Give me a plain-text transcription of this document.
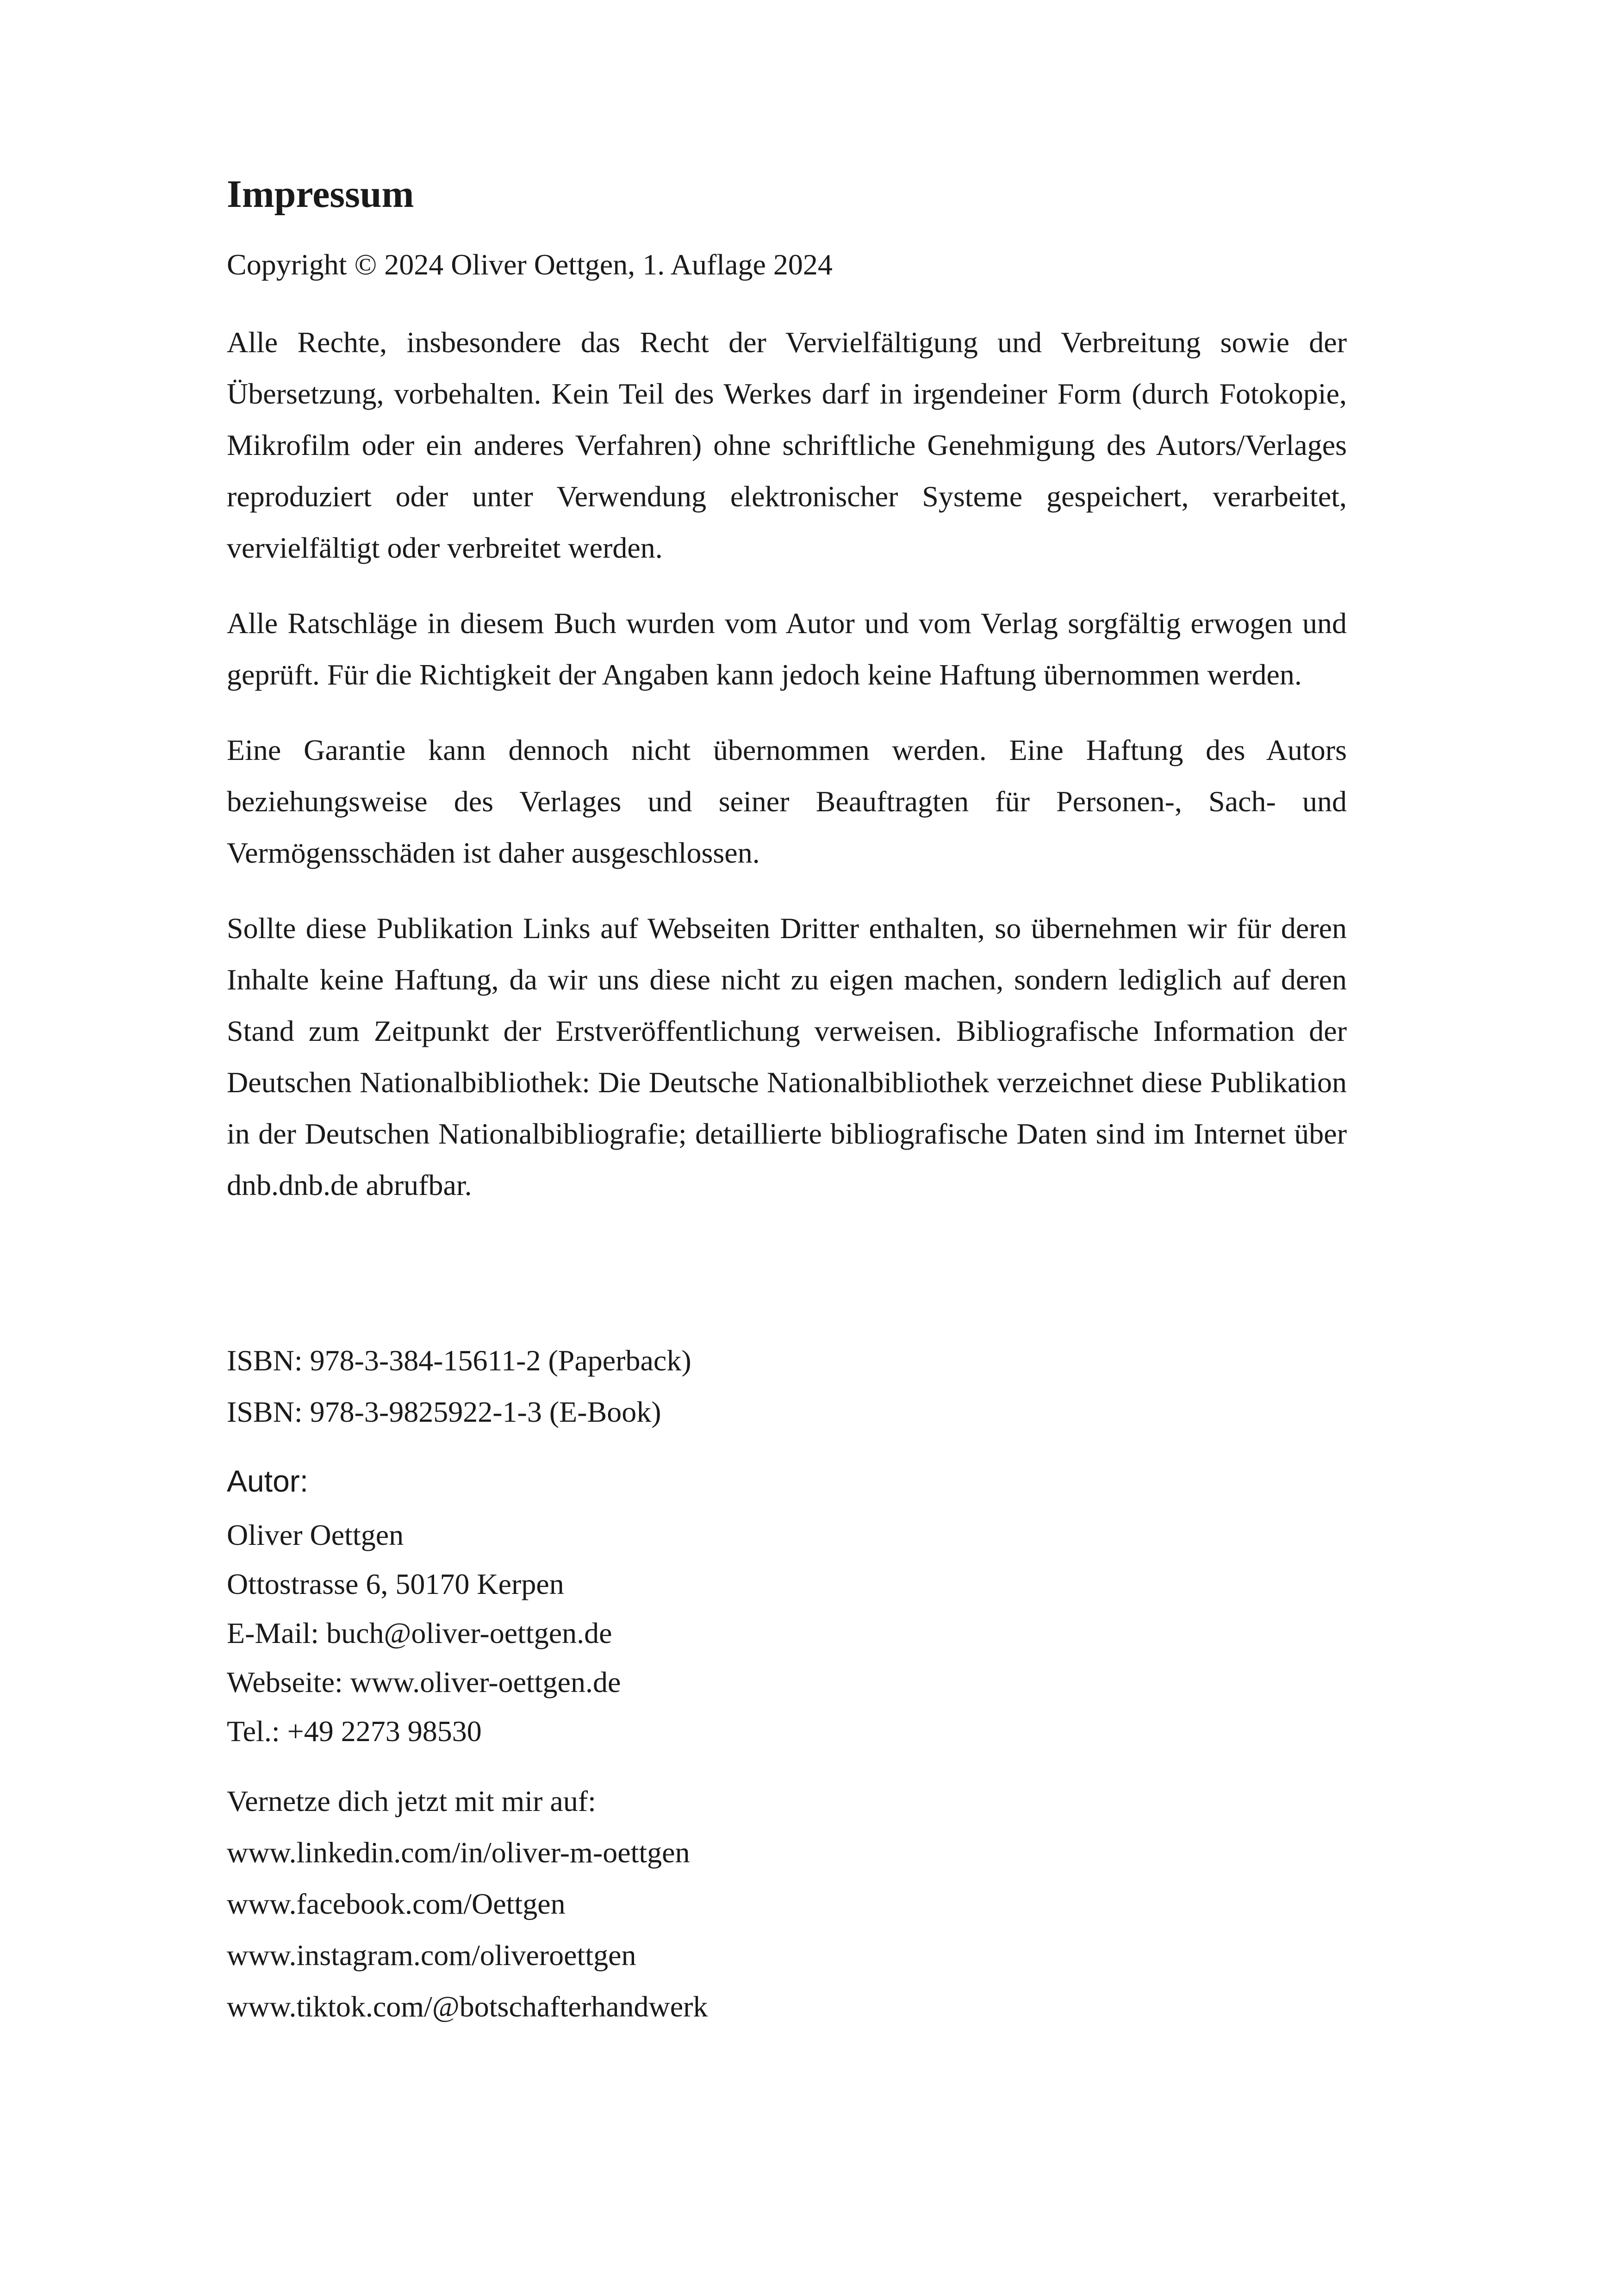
Impressum

Copyright © 2024 Oliver Oettgen, 1. Auflage 2024

Alle Rechte, insbesondere das Recht der Vervielfältigung und Verbreitung sowie der Übersetzung, vorbehalten. Kein Teil des Werkes darf in irgendeiner Form (durch Fotokopie, Mikrofilm oder ein anderes Verfahren) ohne schriftliche Genehmigung des Autors/Verlages reproduziert oder unter Verwendung elektronischer Systeme gespeichert, verarbeitet, vervielfältigt oder verbreitet werden.

Alle Ratschläge in diesem Buch wurden vom Autor und vom Verlag sorgfältig erwogen und geprüft. Für die Richtigkeit der Angaben kann jedoch keine Haftung übernommen werden.

Eine Garantie kann dennoch nicht übernommen werden. Eine Haftung des Autors beziehungsweise des Verlages und seiner Beauftragten für Personen-, Sach- und Vermögensschäden ist daher ausgeschlossen.

Sollte diese Publikation Links auf Webseiten Dritter enthalten, so übernehmen wir für deren Inhalte keine Haftung, da wir uns diese nicht zu eigen machen, sondern lediglich auf deren Stand zum Zeitpunkt der Erstveröffentlichung verweisen. Bibliografische Information der Deutschen Nationalbibliothek: Die Deutsche Nationalbibliothek verzeichnet diese Publikation in der Deutschen Nationalbibliografie; detaillierte bibliografische Daten sind im Internet über dnb.dnb.de abrufbar.

ISBN: 978-3-384-15611-2 (Paperback)
ISBN: 978-3-9825922-1-3 (E-Book)
Autor:
Oliver Oettgen
Ottostrasse 6, 50170 Kerpen
E-Mail: buch@oliver-oettgen.de
Webseite: www.oliver-oettgen.de
Tel.: +49 2273 98530
Vernetze dich jetzt mit mir auf:
www.linkedin.com/in/oliver-m-oettgen
www.facebook.com/Oettgen
www.instagram.com/oliveroettgen
www.tiktok.com/@botschafterhandwerk
